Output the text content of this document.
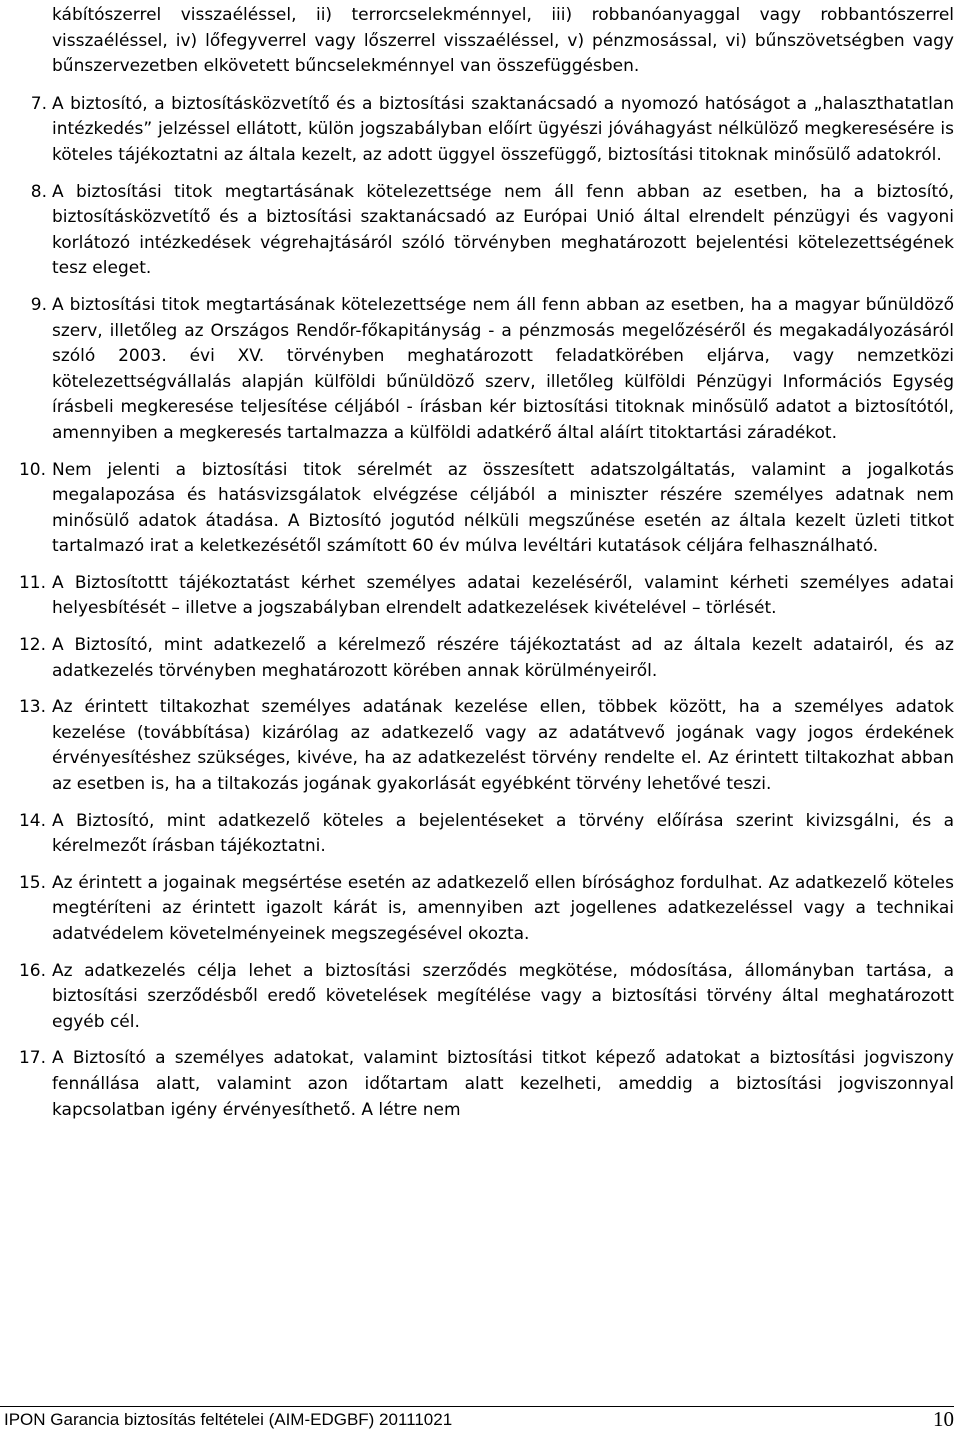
kábítószerrel visszaéléssel, ii) terrorcselekménnyel, iii) robbanóanyaggal vagy robbantószerrel visszaéléssel, iv) lőfegyverrel vagy lőszerrel visszaéléssel, v) pénzmosással, vi) bűnszövetségben vagy bűnszervezetben elkövetett bűncselekménnyel van összefüggésben.

7. A biztosító, a biztosításközvetítő és a biztosítási szaktanácsadó a nyomozó hatóságot a „halaszthatatlan intézkedés” jelzéssel ellátott, külön jogszabályban előírt ügyészi jóváhagyást nélkülöző megkeresésére is köteles tájékoztatni az általa kezelt, az adott üggyel összefüggő, biztosítási titoknak minősülő adatokról.

8. A biztosítási titok megtartásának kötelezettsége nem áll fenn abban az esetben, ha a biztosító, biztosításközvetítő és a biztosítási szaktanácsadó az Európai Unió által elrendelt pénzügyi és vagyoni korlátozó intézkedések végrehajtásáról szóló törvényben meghatározott bejelentési kötelezettségének tesz eleget.

9. A biztosítási titok megtartásának kötelezettsége nem áll fenn abban az esetben, ha a magyar bűnüldöző szerv, illetőleg az Országos Rendőr-főkapitányság - a pénzmosás megelőzéséről és megakadályozásáról szóló 2003. évi XV. törvényben meghatározott feladatkörében eljárva, vagy nemzetközi kötelezettségvállalás alapján külföldi bűnüldöző szerv, illetőleg külföldi Pénzügyi Információs Egység írásbeli megkeresése teljesítése céljából - írásban kér biztosítási titoknak minősülő adatot a biztosítótól, amennyiben a megkeresés tartalmazza a külföldi adatkérő által aláírt titoktartási záradékot.

10. Nem jelenti a biztosítási titok sérelmét az összesített adatszolgáltatás, valamint a jogalkotás megalapozása és hatásvizsgálatok elvégzése céljából a miniszter részére személyes adatnak nem minősülő adatok átadása. A Biztosító jogutód nélküli megszűnése esetén az általa kezelt üzleti titkot tartalmazó irat a keletkezésétől számított 60 év múlva levéltári kutatások céljára felhasználható.

11. A Biztosítottt tájékoztatást kérhet személyes adatai kezeléséről, valamint kérheti személyes adatai helyesbítését – illetve a jogszabályban elrendelt adatkezelések kivételével – törlését.

12. A Biztosító, mint adatkezelő a kérelmező részére tájékoztatást ad az általa kezelt adatairól, és az adatkezelés törvényben meghatározott körében annak körülményeiről.

13. Az érintett tiltakozhat személyes adatának kezelése ellen, többek között, ha a személyes adatok kezelése (továbbítása) kizárólag az adatkezelő vagy az adatátvevő jogának vagy jogos érdekének érvényesítéshez szükséges, kivéve, ha az adatkezelést törvény rendelte el. Az érintett tiltakozhat abban az esetben is, ha a tiltakozás jogának gyakorlását egyébként törvény lehetővé teszi.

14. A Biztosító, mint adatkezelő köteles a bejelentéseket a törvény előírása szerint kivizsgálni, és a kérelmezőt írásban tájékoztatni.

15. Az érintett a jogainak megsértése esetén az adatkezelő ellen bírósághoz fordulhat. Az adatkezelő köteles megtéríteni az érintett igazolt kárát is, amennyiben azt jogellenes adatkezeléssel vagy a technikai adatvédelem követelményeinek megszegésével okozta.

16. Az adatkezelés célja lehet a biztosítási szerződés megkötése, módosítása, állományban tartása, a biztosítási szerződésből eredő követelések megítélése vagy a biztosítási törvény által meghatározott egyéb cél.

17. A Biztosító a személyes adatokat, valamint biztosítási titkot képező adatokat a biztosítási jogviszony fennállása alatt, valamint azon időtartam alatt kezelheti, ameddig a biztosítási jogviszonnyal kapcsolatban igény érvényesíthető. A létre nem

IPON Garancia biztosítás feltételei (AIM-EDGBF) 20111021	10
